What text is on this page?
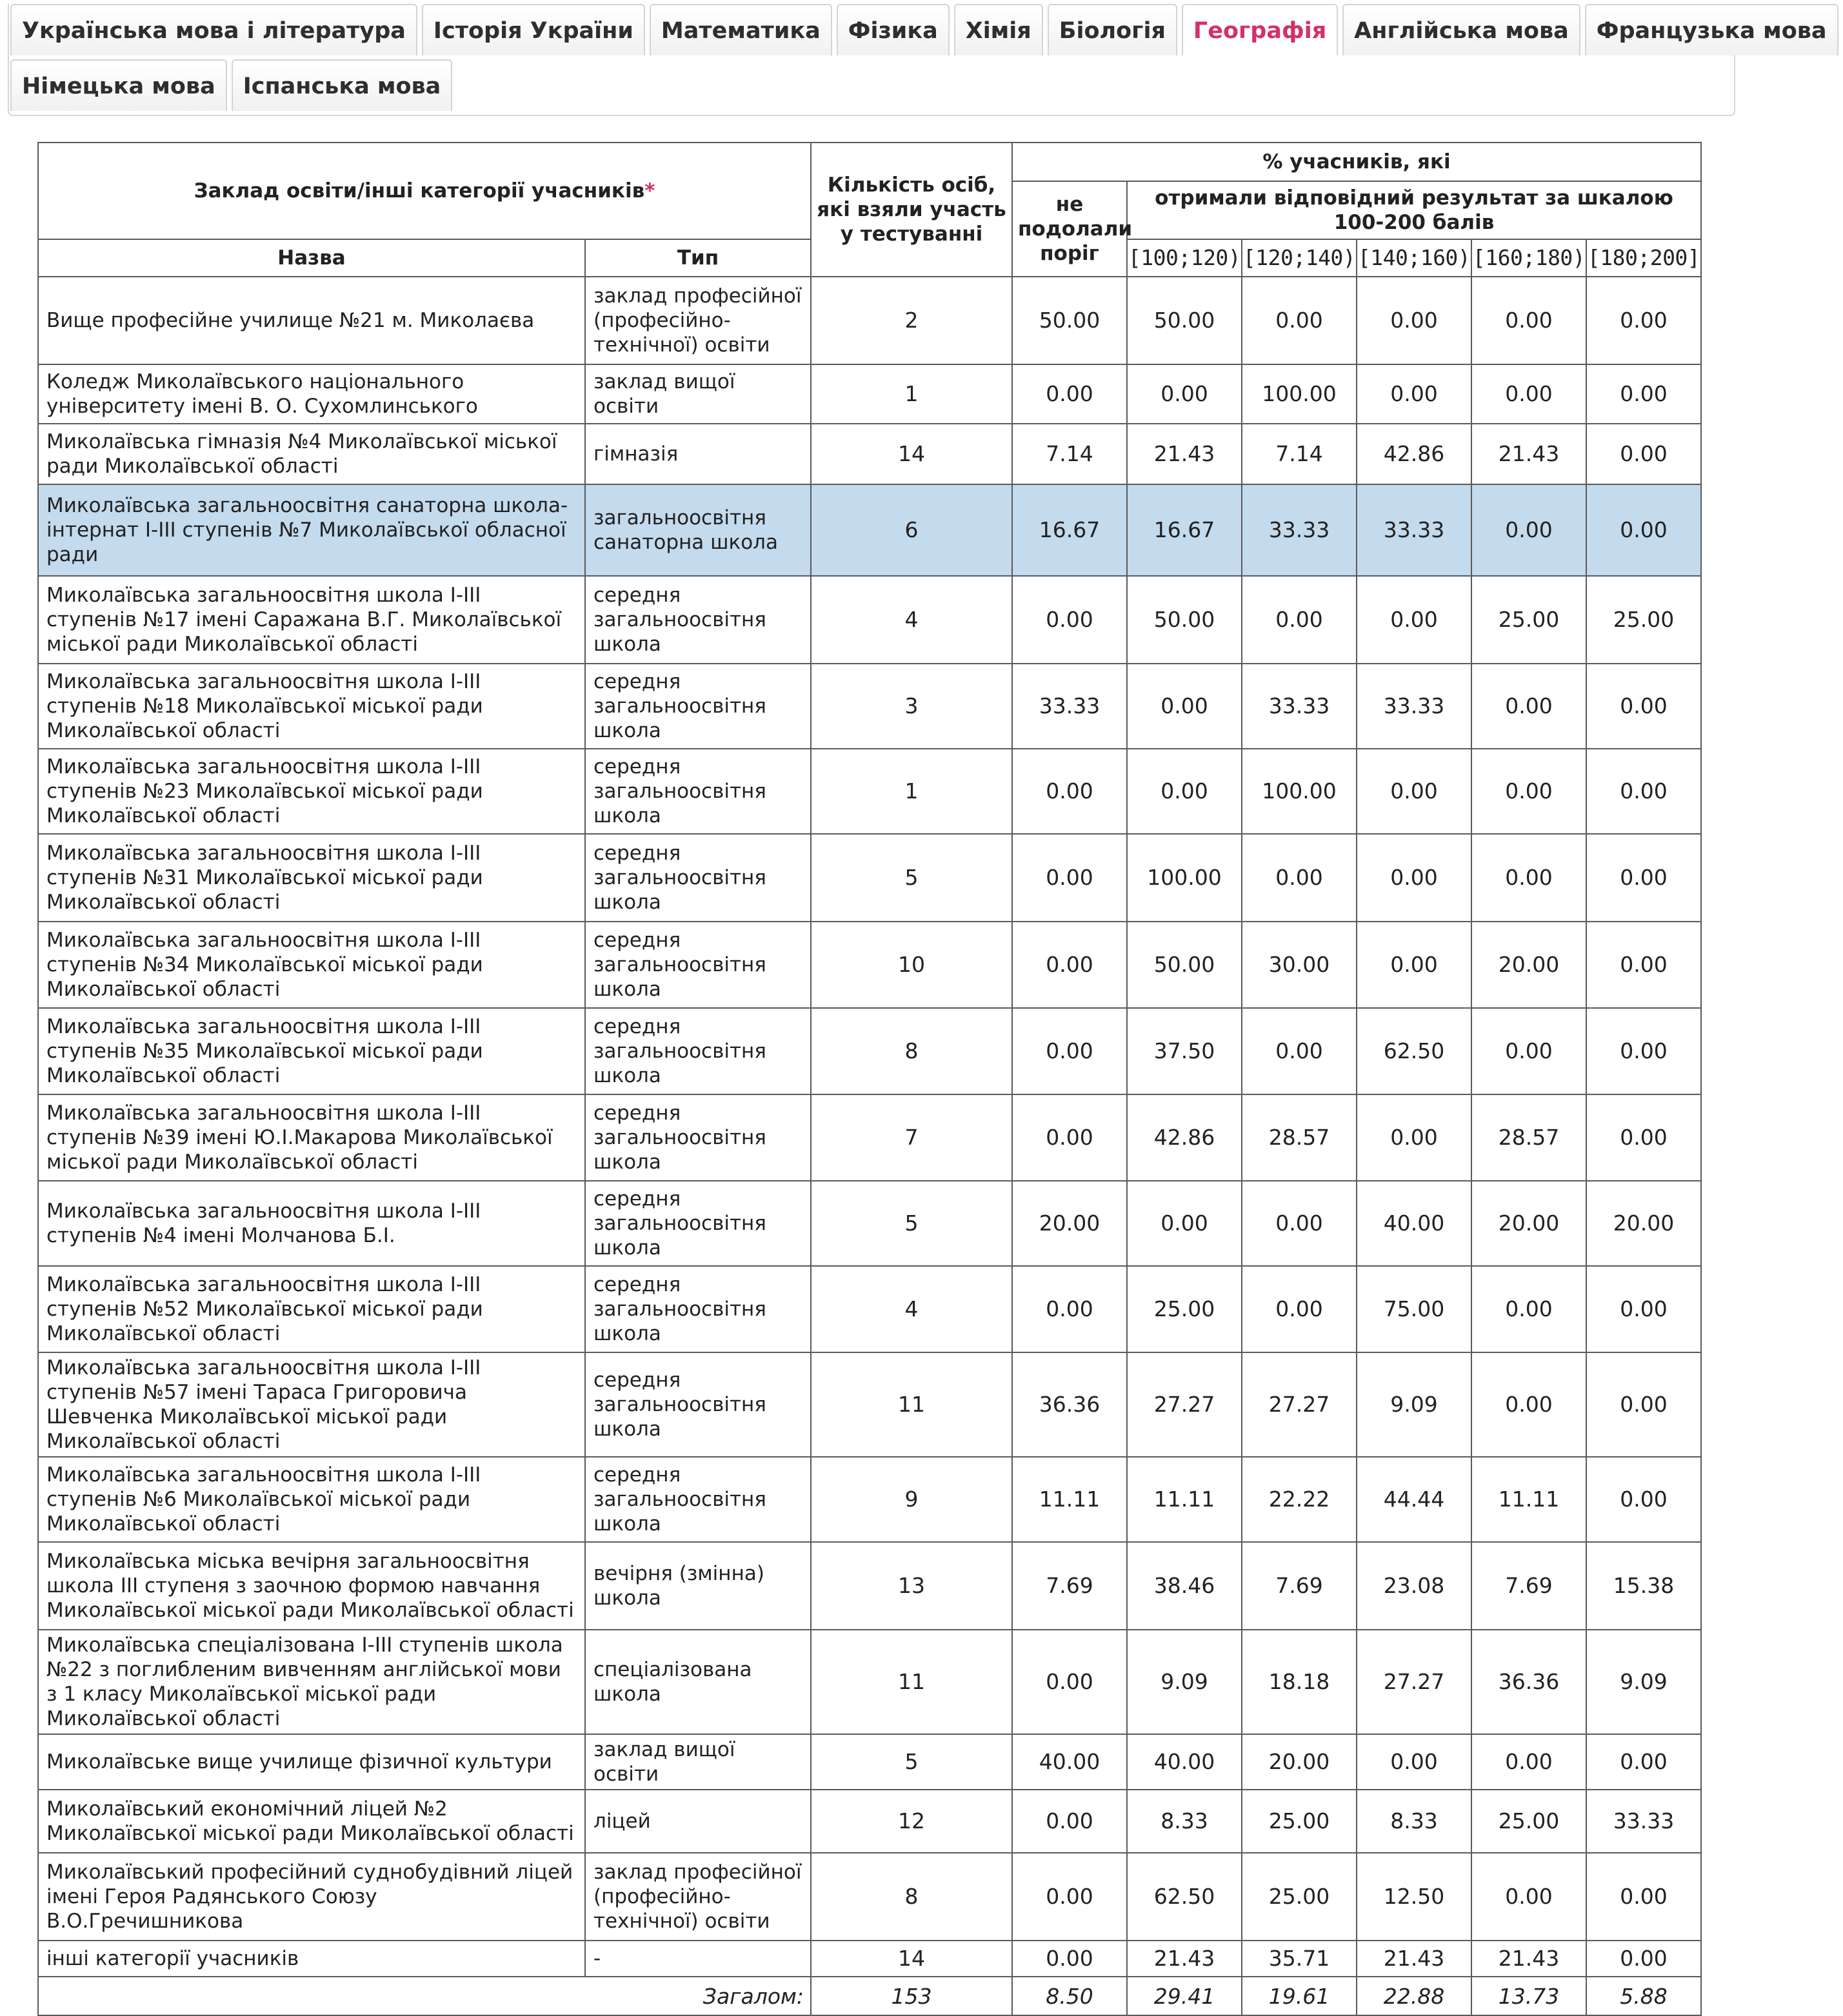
Українська мова і література	Історія України	Математика	Фізика	Хімія	Біологія	Географія	Англійська мова	Французька мова
Німецька мова	Іспанська мова
Заклад освіти/інші категорії учасників*		Кількість осіб, які взяли участь у тестуванні	% учасників, які					
			не подолали поріг	отримали відповідний результат за шкалою 100-200 балів				
Назва	Тип			[100;120)	[120;140)	[140;160)	[160;180)	[180;200]
Вище професійне училище №21 м. Миколаєва	заклад професійної (професійно-технічної) освіти	2	50.00	50.00	0.00	0.00	0.00	0.00
Коледж Миколаївського національного університету імені В. О. Сухомлинського	заклад вищої освіти	1	0.00	0.00	100.00	0.00	0.00	0.00
Миколаївська гімназія №4 Миколаївської міської ради Миколаївської області	гімназія	14	7.14	21.43	7.14	42.86	21.43	0.00
Миколаївська загальноосвітня санаторна школа-інтернат І-ІІІ ступенів №7 Миколаївської обласної ради	загальноосвітня санаторна школа	6	16.67	16.67	33.33	33.33	0.00	0.00
Миколаївська загальноосвітня школа І-ІІІ ступенів №17 імені Саражана В.Г. Миколаївської міської ради Миколаївської області	середня загальноосвітня школа	4	0.00	50.00	0.00	0.00	25.00	25.00
Миколаївська загальноосвітня школа І-ІІІ ступенів №18 Миколаївської міської ради Миколаївської області	середня загальноосвітня школа	3	33.33	0.00	33.33	33.33	0.00	0.00
Миколаївська загальноосвітня школа І-ІІІ ступенів №23 Миколаївської міської ради Миколаївської області	середня загальноосвітня школа	1	0.00	0.00	100.00	0.00	0.00	0.00
Миколаївська загальноосвітня школа І-ІІІ ступенів №31 Миколаївської міської ради Миколаївської області	середня загальноосвітня школа	5	0.00	100.00	0.00	0.00	0.00	0.00
Миколаївська загальноосвітня школа І-ІІІ ступенів №34 Миколаївської міської ради Миколаївської області	середня загальноосвітня школа	10	0.00	50.00	30.00	0.00	20.00	0.00
Миколаївська загальноосвітня школа І-ІІІ ступенів №35 Миколаївської міської ради Миколаївської області	середня загальноосвітня школа	8	0.00	37.50	0.00	62.50	0.00	0.00
Миколаївська загальноосвітня школа І-ІІІ ступенів №39 імені Ю.І.Макарова Миколаївської міської ради Миколаївської області	середня загальноосвітня школа	7	0.00	42.86	28.57	0.00	28.57	0.00
Миколаївська загальноосвітня школа І-ІІІ ступенів №4 імені Молчанова Б.І.	середня загальноосвітня школа	5	20.00	0.00	0.00	40.00	20.00	20.00
Миколаївська загальноосвітня школа І-ІІІ ступенів №52 Миколаївської міської ради Миколаївської області	середня загальноосвітня школа	4	0.00	25.00	0.00	75.00	0.00	0.00
Миколаївська загальноосвітня школа І-ІІІ ступенів №57 імені Тараса Григоровича Шевченка Миколаївської міської ради Миколаївської області	середня загальноосвітня школа	11	36.36	27.27	27.27	9.09	0.00	0.00
Миколаївська загальноосвітня школа І-ІІІ ступенів №6 Миколаївської міської ради Миколаївської області	середня загальноосвітня школа	9	11.11	11.11	22.22	44.44	11.11	0.00
Миколаївська міська вечірня загальноосвітня школа ІІІ ступеня з заочною формою навчання Миколаївської міської ради Миколаївської області	вечірня (змінна) школа	13	7.69	38.46	7.69	23.08	7.69	15.38
Миколаївська спеціалізована І-ІІІ ступенів школа №22 з поглибленим вивченням англійської мови з 1 класу Миколаївської міської ради Миколаївської області	спеціалізована школа	11	0.00	9.09	18.18	27.27	36.36	9.09
Миколаївське вище училище фізичної культури	заклад вищої освіти	5	40.00	40.00	20.00	0.00	0.00	0.00
Миколаївський економічний ліцей №2 Миколаївської міської ради Миколаївської області	ліцей	12	0.00	8.33	25.00	8.33	25.00	33.33
Миколаївський професійний суднобудівний ліцей імені Героя Радянського Союзу В.О.Гречишникова	заклад професійної (професійно-технічної) освіти	8	0.00	62.50	25.00	12.50	0.00	0.00
інші категорії учасників	-	14	0.00	21.43	35.71	21.43	21.43	0.00
Загалом:		153	8.50	29.41	19.61	22.88	13.73	5.88
